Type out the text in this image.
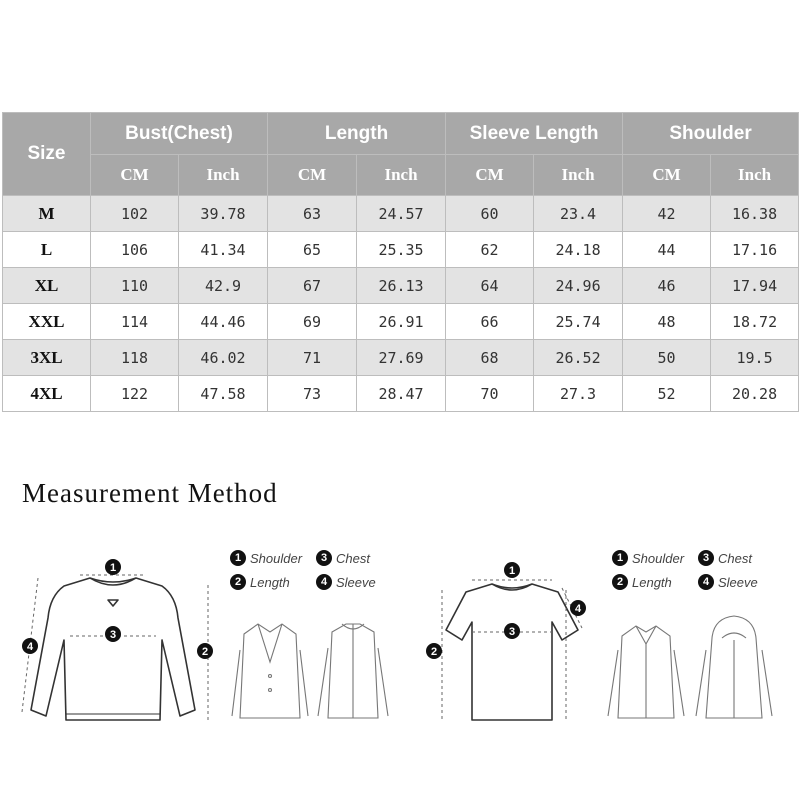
Size	Bust(Chest)		Length		Sleeve Length		Shoulder	
	CM	Inch	CM	Inch	CM	Inch	CM	Inch
M	102	39.78	63	24.57	60	23.4	42	16.38
L	106	41.34	65	25.35	62	24.18	44	17.16
XL	110	42.9	67	26.13	64	24.96	46	17.94
XXL	114	44.46	69	26.91	66	25.74	48	18.72
3XL	118	46.02	71	27.69	68	26.52	50	19.5
4XL	122	47.58	73	28.47	70	27.3	52	20.28
Measurement Method
1
2
3
4
1 Shoulder	3 Chest
2 Length	4 Sleeve
1
2
3
4
1 Shoulder	3 Chest
2 Length	4 Sleeve
